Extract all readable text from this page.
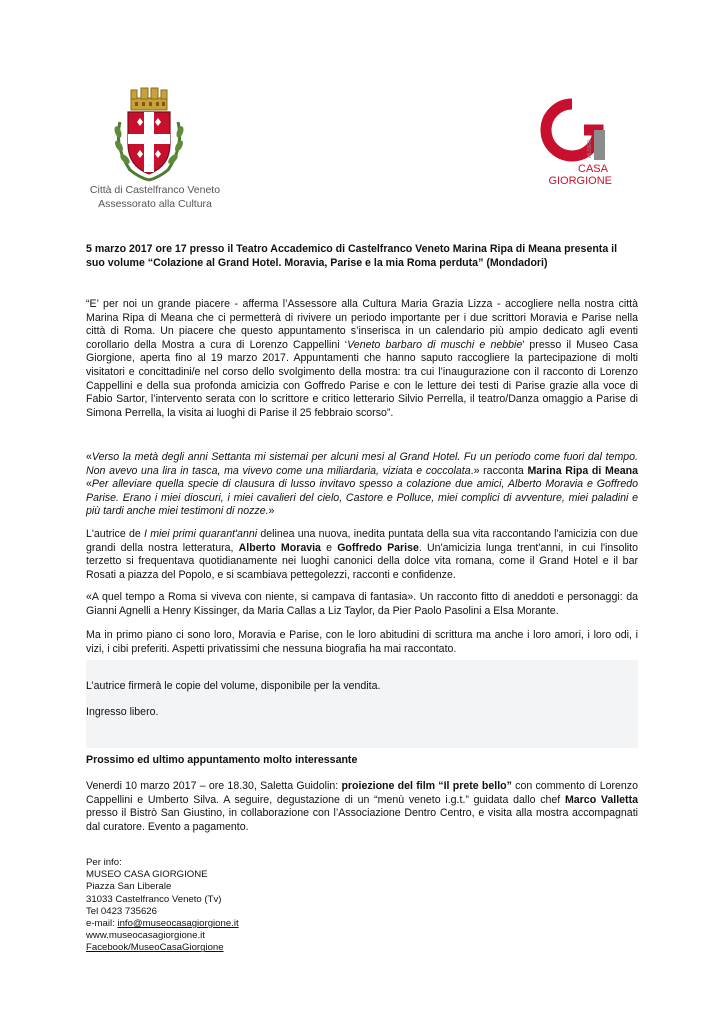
Città di Castelfranco Veneto
Assessorato alla Cultura
MUSEO
CASA
GIORGIONE
5 marzo 2017 ore 17 presso il Teatro Accademico di Castelfranco Veneto Marina Ripa di Meana presenta il suo volume “Colazione al Grand Hotel. Moravia, Parise e la mia Roma perduta” (Mondadori)
“E’ per noi un grande piacere - afferma l’Assessore alla Cultura Maria Grazia Lizza - accogliere nella nostra città Marina Ripa di Meana che ci permetterà di rivivere un periodo importante per i due scrittori Moravia e Parise nella città di Roma. Un piacere che questo appuntamento s’inserisca in un calendario più ampio dedicato agli eventi corollario della Mostra a cura di Lorenzo Cappellini ‘Veneto barbaro di muschi e nebbie’ presso il Museo Casa Giorgione, aperta fino al 19 marzo 2017. Appuntamenti che hanno saputo raccogliere la partecipazione di molti visitatori e concittadini/e nel corso dello svolgimento della mostra: tra cui l’inaugurazione con il racconto di Lorenzo Cappellini e della sua profonda amicizia con Goffredo Parise e con le letture dei testi di Parise grazie alla voce di Fabio Sartor, l’intervento serata con lo scrittore e critico letterario Silvio Perrella, il teatro/Danza omaggio a Parise di Simona Perrella, la visita ai luoghi di Parise il 25 febbraio scorso”.
«Verso la metà degli anni Settanta mi sistemai per alcuni mesi al Grand Hotel. Fu un periodo come fuori dal tempo. Non avevo una lira in tasca, ma vivevo come una miliardaria, viziata e coccolata.» racconta Marina Ripa di Meana «Per alleviare quella specie di clausura di lusso invitavo spesso a colazione due amici, Alberto Moravia e Goffredo Parise. Erano i miei dioscuri, i miei cavalieri del cielo, Castore e Polluce, miei complici di avventure, miei paladini e più tardi anche miei testimoni di nozze.»
L'autrice de I miei primi quarant'anni delinea una nuova, inedita puntata della sua vita raccontando l'amicizia con due grandi della nostra letteratura, Alberto Moravia e Goffredo Parise. Un'amicizia lunga trent'anni, in cui l'insolito terzetto si frequentava quotidianamente nei luoghi canonici della dolce vita romana, come il Grand Hotel e il bar Rosati a piazza del Popolo, e si scambiava pettegolezzi, racconti e confidenze.
«A quel tempo a Roma si viveva con niente, si campava di fantasia». Un racconto fitto di aneddoti e personaggi: da Gianni Agnelli a Henry Kissinger, da Maria Callas a Liz Taylor, da Pier Paolo Pasolini a Elsa Morante.
Ma in primo piano ci sono loro, Moravia e Parise, con le loro abitudini di scrittura ma anche i loro amori, i loro odi, i vizi, i cibi preferiti. Aspetti privatissimi che nessuna biografia ha mai raccontato.
L’autrice firmerà le copie del volume, disponibile per la vendita.
Ingresso libero.
Prossimo ed ultimo appuntamento molto interessante
Venerdi 10 marzo 2017 – ore 18.30, Saletta Guidolin: proiezione del film “Il prete bello” con commento di Lorenzo Cappellini e Umberto Silva. A seguire, degustazione di un “menù veneto i.g.t.” guidata dallo chef Marco Valletta presso il Bistrò San Giustino, in collaborazione con l’Associazione Dentro Centro, e visita alla mostra accompagnati dal curatore. Evento a pagamento.
Per info:
MUSEO CASA GIORGIONE
Piazza San Liberale
31033 Castelfranco Veneto (Tv)
Tel 0423 735626
e-mail: info@museocasagiorgione.it
www.museocasagiorgione.it
Facebook/MuseoCasaGiorgione
